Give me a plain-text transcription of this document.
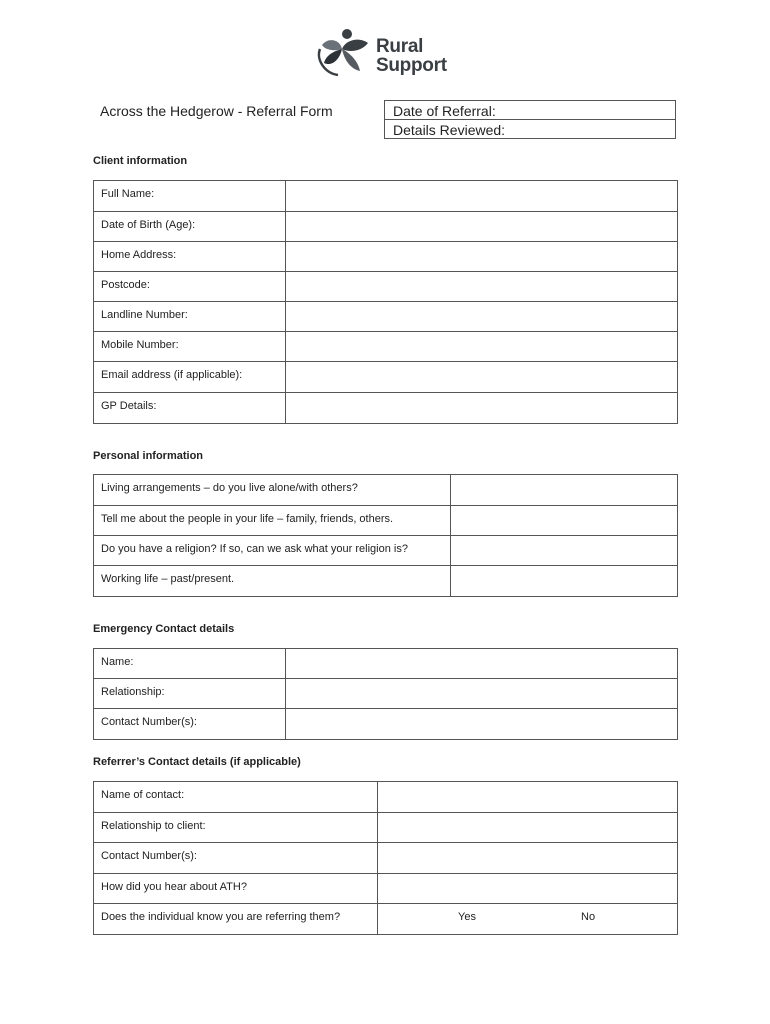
Rural
Support
Across the Hedgerow - Referral Form	Date of Referral:
Details Reviewed:
Client information
Full Name:	
Date of Birth (Age):	
Home Address:	
Postcode:	
Landline Number:	
Mobile Number:	
Email address (if applicable):	
GP Details:	
Personal information
Living arrangements – do you live alone/with others?	
Tell me about the people in your life – family, friends, others.	
Do you have a religion? If so, can we ask what your religion is?	
Working life – past/present.	
Emergency Contact details
Name:	
Relationship:	
Contact Number(s):	
Referrer’s Contact details (if applicable)
Name of contact:	
Relationship to client:	
Contact Number(s):	
How did you hear about ATH?	
Does the individual know you are referring them?	Yes No
